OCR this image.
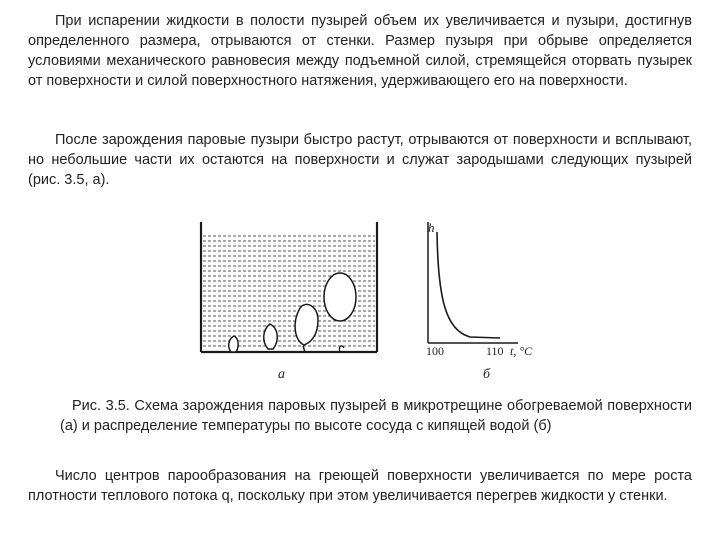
При испарении жидкости в полости пузырей объем их увеличивается и пузыри, достигнув определенного размера, отрываются от стенки. Размер пузыря при обрыве определяется условиями механического равновесия между подъемной силой, стремящейся оторвать пузырек от поверхности и силой поверхностного натяжения, удерживающего его на поверхности.

После зарождения паровые пузыри быстро растут, отрываются от поверхности и всплывают, но небольшие части их остаются на поверхности и служат зародышами следующих пузырей (рис. 3.5, а).

а
h
100	110 t, °C
б

Рис. 3.5. Схема зарождения паровых пузырей в микротрещине обогреваемой поверхности (а) и распределение температуры по высоте сосуда с кипящей водой (б)

Число центров парообразования на греющей поверхности увеличивается по мере роста плотности теплового потока q, поскольку при этом увеличивается перегрев жидкости у стенки.
